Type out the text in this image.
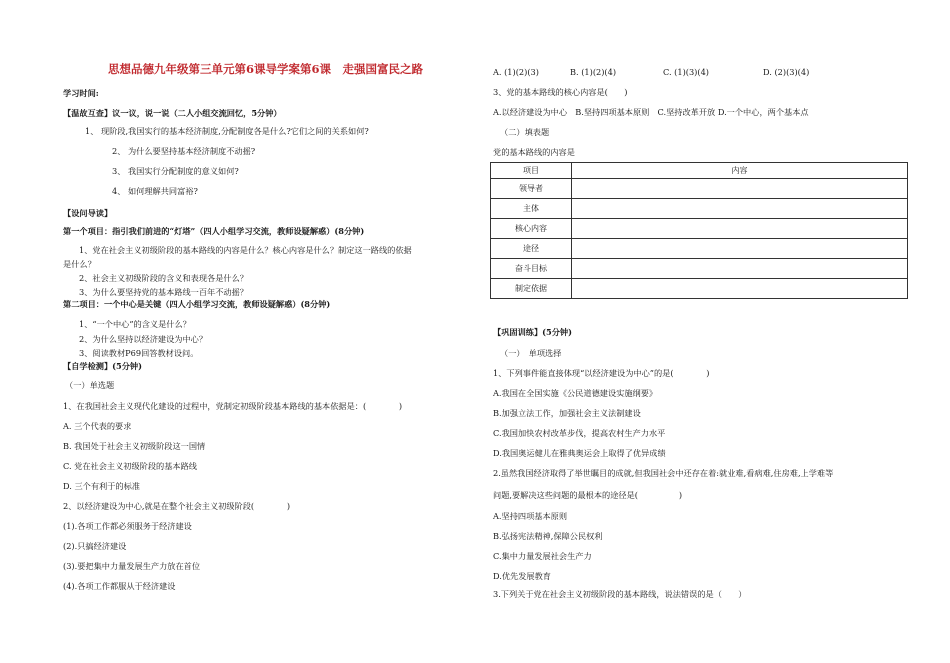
思想品德九年级第三单元第6课导学案第6课　走强国富民之路
学习时间:
【温故互查】议一议，说一说（二人小组交流回忆，5分钟）
1、 现阶段,我国实行的基本经济制度,分配制度各是什么?它们之间的关系如何?
2、 为什么要坚持基本经济制度不动摇?
3、 我国实行分配制度的意义如何?
4、 如何理解共同富裕?
【设问导读】
第一个项目：指引我们前进的“灯塔”（四人小组学习交流，教师设疑解惑）(8分钟)
1、党在社会主义初级阶段的基本路线的内容是什么？核心内容是什么？制定这一路线的依据
是什么？
2、社会主义初级阶段的含义和表现各是什么？
3、为什么要坚持党的基本路线一百年不动摇？
第二项目：一个中心是关键（四人小组学习交流，教师设疑解惑）(8分钟)
1、“一个中心”的含义是什么？
2、为什么坚持以经济建设为中心？
3、阅读教材P69回答教材设问。
【自学检测】(5分钟)
（一）单选题
1、在我国社会主义现代化建设的过程中，党制定初级阶段基本路线的基本依据是：(　　　　)
A. 三个代表的要求
B. 我国处于社会主义初级阶段这一国情
C. 党在社会主义初级阶段的基本路线
D. 三个有利于的标准
2、以经济建设为中心,就是在整个社会主义初级阶段(　　　　)
(1).各项工作都必须服务于经济建设
(2).只搞经济建设
(3).要把集中力量发展生产力放在首位
(4).各项工作都服从于经济建设
A. (1)(2)(3)	B. (1)(2)(4)	C. (1)(3)(4)	D. (2)(3)(4)
3、党的基本路线的核心内容是(　　)
A.以经济建设为中心　B.坚持四项基本原则　C.坚持改革开放 D.一个中心，两个基本点
（二）填表题
党的基本路线的内容是
项目	内容
领导者	
主体	
核心内容	
途径	
奋斗目标	
制定依据	
【巩固训练】(5分钟)
（一）　单项选择
1、下列事件能直接体现“以经济建设为中心”的是(　　　　)
A.我国在全国实施《公民道德建设实施纲要》
B.加强立法工作，加强社会主义法制建设
C.我国加快农村改革步伐，提高农村生产力水平
D.我国奥运健儿在雅典奥运会上取得了优异成绩
2.虽然我国经济取得了举世瞩目的成就,但我国社会中还存在着:就业难,看病难,住房难,上学难等
问题,要解决这些问题的最根本的途径是(　　　　　)
A.坚持四项基本原则
B.弘扬宪法精神,保障公民权利
C.集中力量发展社会生产力
D.优先发展教育
3.下列关于党在社会主义初级阶段的基本路线，说法错误的是（　　）
